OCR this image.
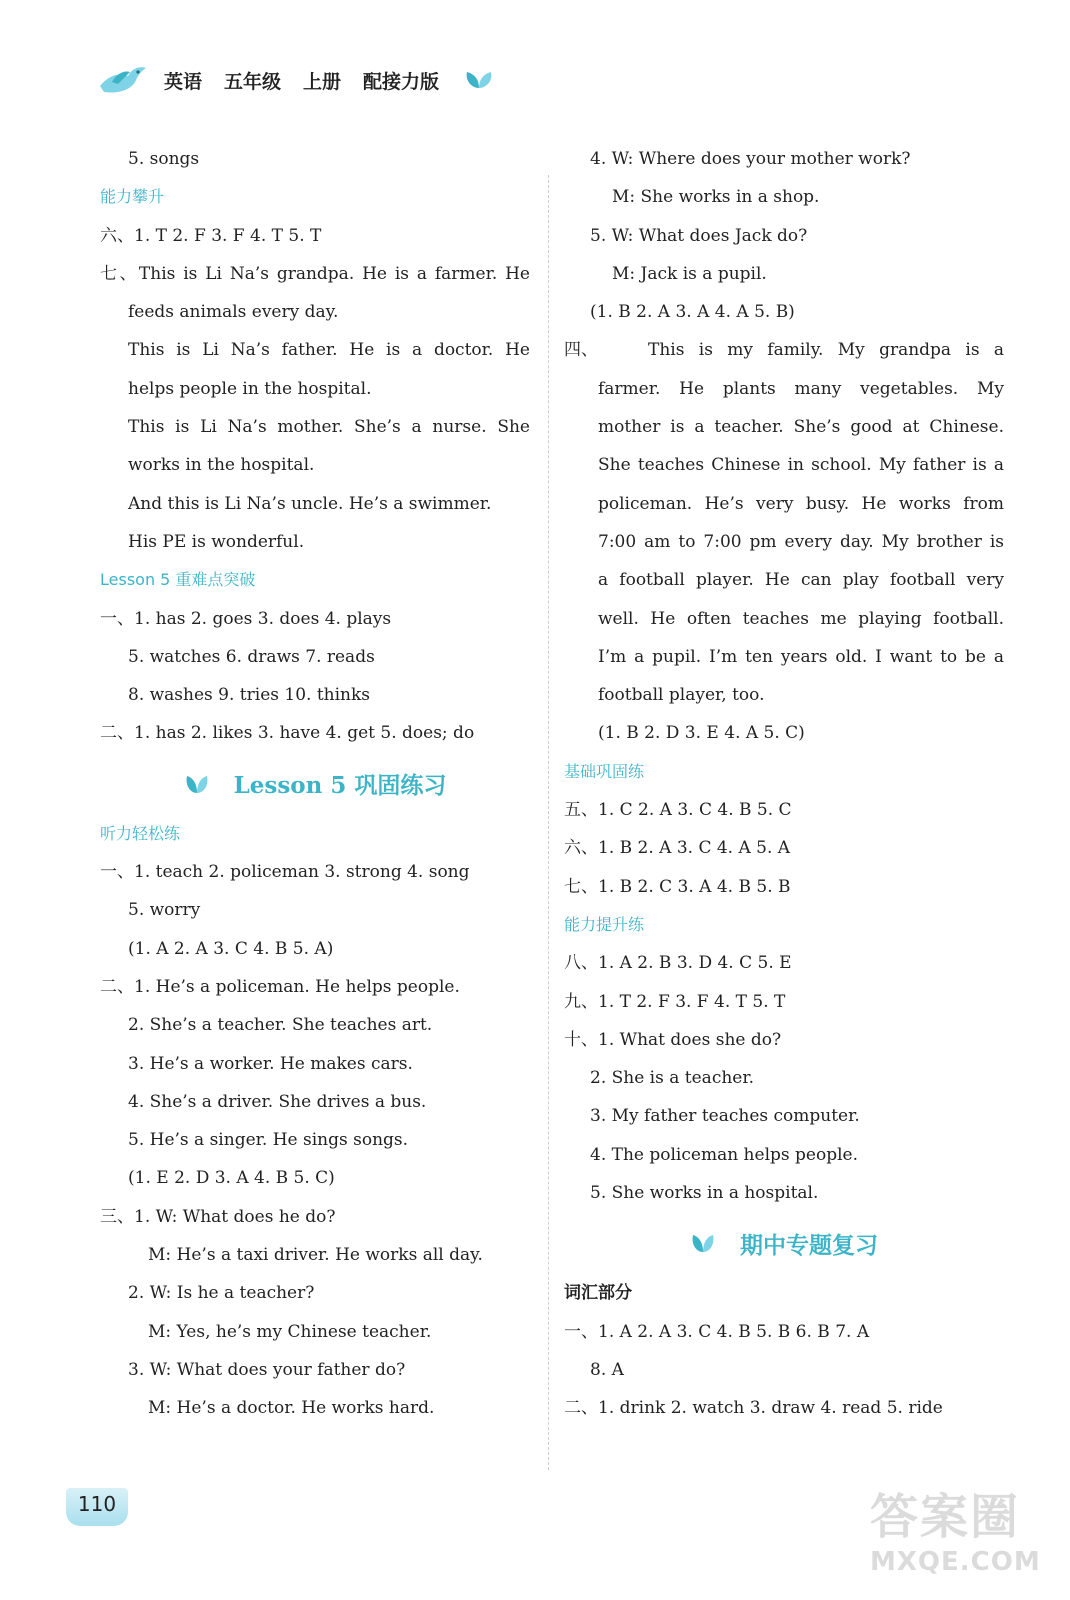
英语 五年级 上册 配接力版
5. songs
能力攀升
六、1. T 2. F 3. F 4. T 5. T
七、This is Li Na’s grandpa. He is a farmer. He
feeds animals every day.
This is Li Na’s father. He is a doctor. He
helps people in the hospital.
This is Li Na’s mother. She’s a nurse. She
works in the hospital.
And this is Li Na’s uncle. He’s a swimmer.
His PE is wonderful.
Lesson 5 重难点突破
一、1. has 2. goes 3. does 4. plays
5. watches 6. draws 7. reads
8. washes 9. tries 10. thinks
二、1. has 2. likes 3. have 4. get 5. does; do
Lesson 5 巩固练习
听力轻松练
一、1. teach 2. policeman 3. strong 4. song
5. worry
(1. A 2. A 3. C 4. B 5. A)
二、1. He’s a policeman. He helps people.
2. She’s a teacher. She teaches art.
3. He’s a worker. He makes cars.
4. She’s a driver. She drives a bus.
5. He’s a singer. He sings songs.
(1. E 2. D 3. A 4. B 5. C)
三、1. W: What does he do?
M: He’s a taxi driver. He works all day.
2. W: Is he a teacher?
M: Yes, he’s my Chinese teacher.
3. W: What does your father do?
M: He’s a doctor. He works hard.
4. W: Where does your mother work?
M: She works in a shop.
5. W: What does Jack do?
M: Jack is a pupil.
(1. B 2. A 3. A 4. A 5. B)
四、	This is my family. My grandpa is a
farmer. He plants many vegetables. My
mother is a teacher. She’s good at Chinese.
She teaches Chinese in school. My father is a
policeman. He’s very busy. He works from
7:00 am to 7:00 pm every day. My brother is
a football player. He can play football very
well. He often teaches me playing football.
I’m a pupil. I’m ten years old. I want to be a
football player, too.
(1. B 2. D 3. E 4. A 5. C)
基础巩固练
五、1. C 2. A 3. C 4. B 5. C
六、1. B 2. A 3. C 4. A 5. A
七、1. B 2. C 3. A 4. B 5. B
能力提升练
八、1. A 2. B 3. D 4. C 5. E
九、1. T 2. F 3. F 4. T 5. T
十、1. What does she do?
2. She is a teacher.
3. My father teaches computer.
4. The policeman helps people.
5. She works in a hospital.
期中专题复习
词汇部分
一、1. A 2. A 3. C 4. B 5. B 6. B 7. A
8. A
二、1. drink 2. watch 3. draw 4. read 5. ride
110	答案圈
MXQE.COM
